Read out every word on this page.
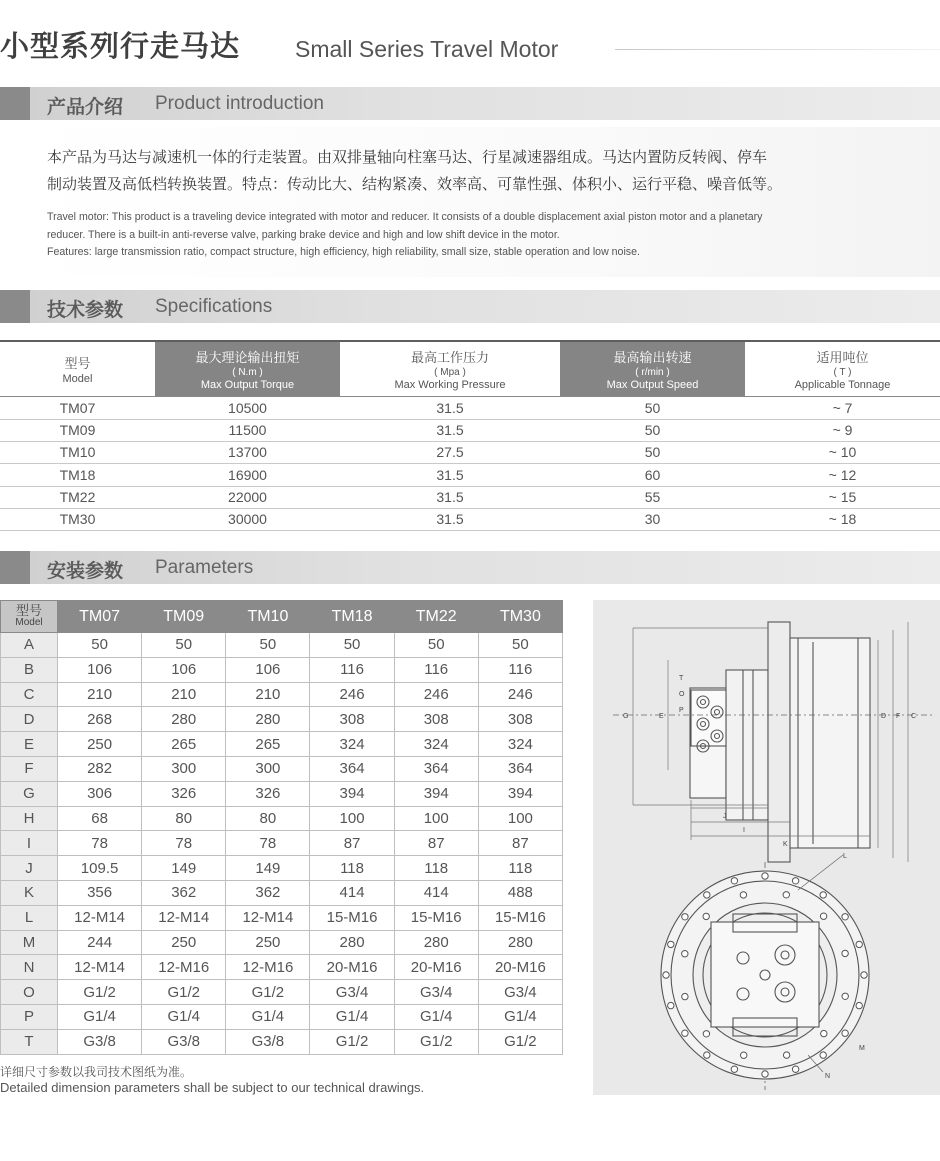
小型系列行走马达 Small Series Travel Motor
产品介绍 Product introduction
本产品为马达与减速机一体的行走装置。由双排量轴向柱塞马达、行星减速器组成。马达内置防反转阀、停车
制动装置及高低档转换装置。特点：传动比大、结构紧凑、效率高、可靠性强、体积小、运行平稳、噪音低等。
Travel motor: This product is a traveling device integrated with motor and reducer. It consists of a double displacement axial piston motor and a planetary
reducer. There is a built-in anti-reverse valve, parking brake device and high and low shift device in the motor.
Features: large transmission ratio, compact structure, high efficiency, high reliability, small size, stable operation and low noise.
技术参数 Specifications
型号
Model
最大理论输出扭矩
( N.m )
Max Output Torque
最高工作压力
( Mpa )
Max Working Pressure
最高输出转速
( r/min )
Max Output Speed
适用吨位
( T )
Applicable Tonnage
TM07	10500	31.5	50	~ 7
TM09	11500	31.5	50	~ 9
TM10	13700	27.5	50	~ 10
TM18	16900	31.5	60	~ 12
TM22	22000	31.5	55	~ 15
TM30	30000	31.5	30	~ 18
安装参数 Parameters
型号
Model	TM07	TM09	TM10	TM18	TM22	TM30
A	50	50	50	50	50	50
B	106	106	106	116	116	116
C	210	210	210	246	246	246
D	268	280	280	308	308	308
E	250	265	265	324	324	324
F	282	300	300	364	364	364
G	306	326	326	394	394	394
H	68	80	80	100	100	100
I	78	78	78	87	87	87
J	109.5	149	149	118	118	118
K	356	362	362	414	414	488
L	12-M14	12-M14	12-M14	15-M16	15-M16	15-M16
M	244	250	250	280	280	280
N	12-M14	12-M16	12-M16	20-M16	20-M16	20-M16
O	G1/2	G1/2	G1/2	G3/4	G3/4	G3/4
P	G1/4	G1/4	G1/4	G1/4	G1/4	G1/4
T	G3/8	G3/8	G3/8	G1/2	G1/2	G1/2
详细尺寸参数以我司技术图纸为准。
Detailed dimension parameters shall be subject to our technical drawings.
G	E	D F C
J
I
K
T
O
P
L
M
N
